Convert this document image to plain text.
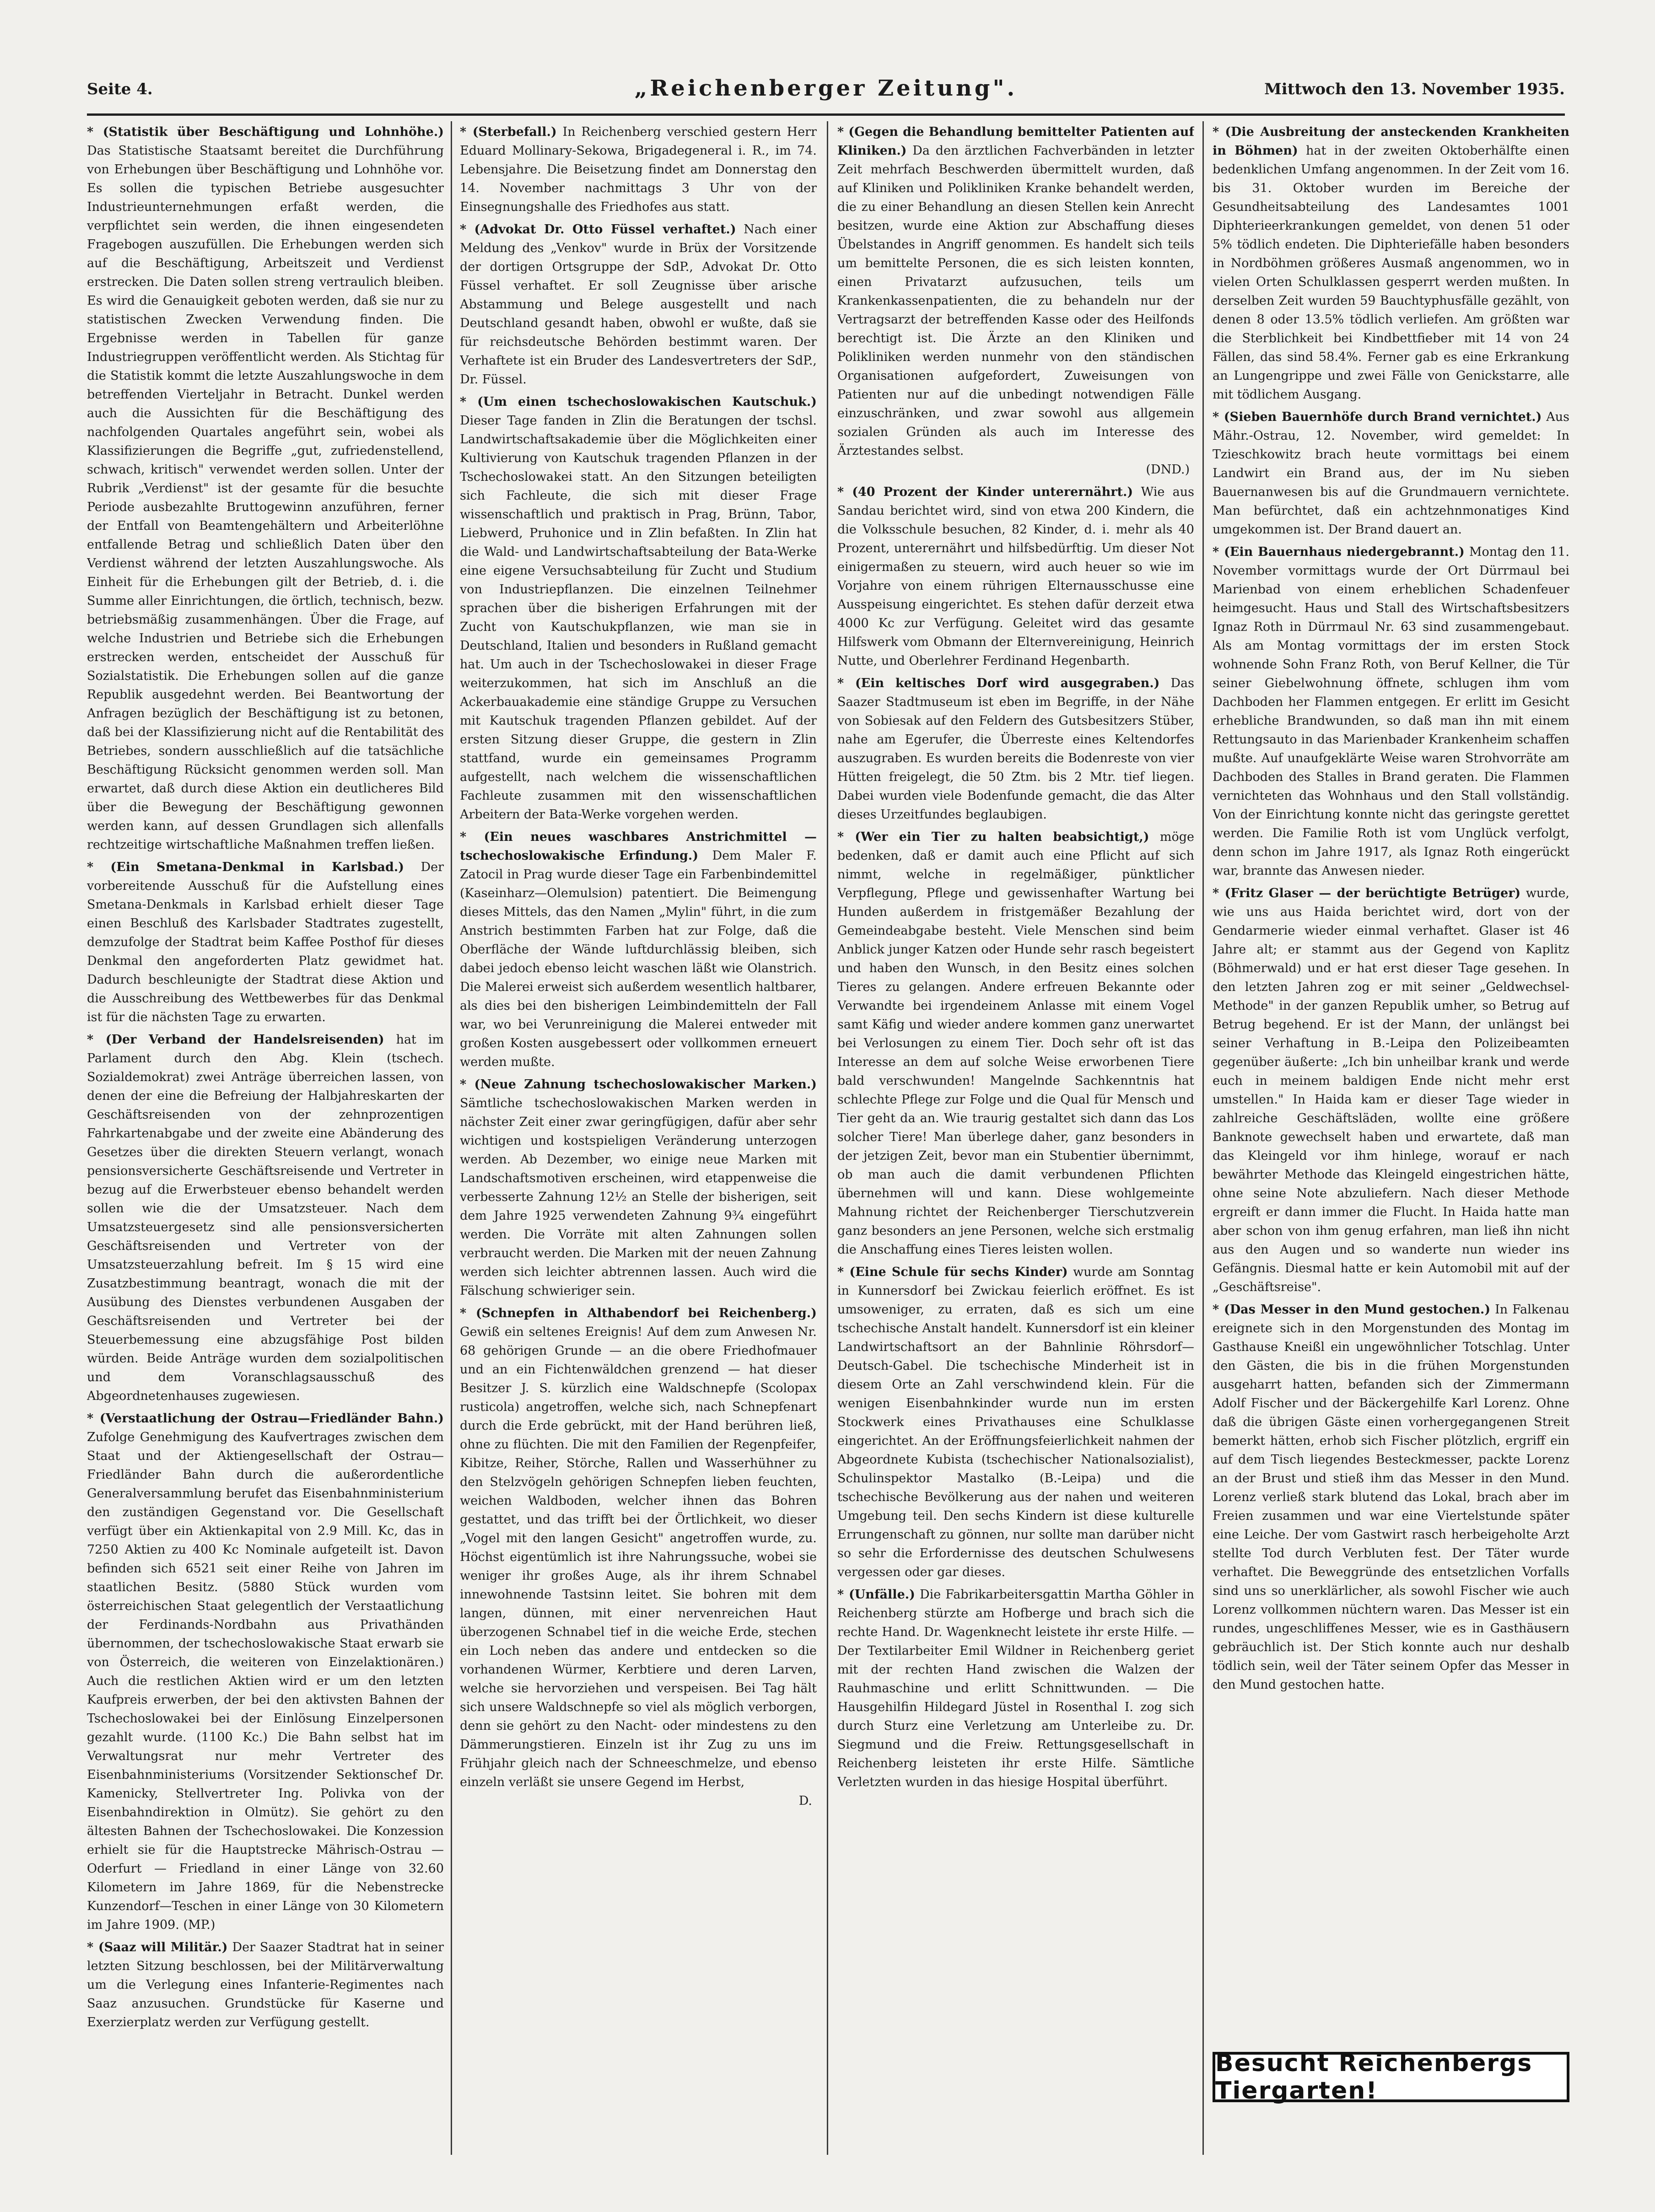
Seite 4.	„Reichenberger Zeitung".	Mittwoch den 13. November 1935.

* (Statistik über Beschäftigung und Lohnhöhe.) Das Statistische Staatsamt bereitet die Durchführung von Erhebungen über Beschäftigung und Lohnhöhe vor. Es sollen die typischen Betriebe ausgesuchter Industrieunternehmungen erfaßt werden, die verpflichtet sein werden, die ihnen eingesendeten Fragebogen auszufüllen. Die Erhebungen werden sich auf die Beschäftigung, Arbeitszeit und Verdienst erstrecken. Die Daten sollen streng vertraulich bleiben. Es wird die Genauigkeit geboten werden, daß sie nur zu statistischen Zwecken Verwendung finden. Die Ergebnisse werden in Tabellen für ganze Industriegruppen veröffentlicht werden. Als Stichtag für die Statistik kommt die letzte Auszahlungswoche in dem betreffenden Vierteljahr in Betracht. Dunkel werden auch die Aussichten für die Beschäftigung des nachfolgenden Quartales angeführt sein, wobei als Klassifizierungen die Begriffe „gut, zufriedenstellend, schwach, kritisch" verwendet werden sollen. Unter der Rubrik „Verdienst" ist der gesamte für die besuchte Periode ausbezahlte Bruttogewinn anzuführen, ferner der Entfall von Beamtengehältern und Arbeiterlöhne entfallende Betrag und schließlich Daten über den Verdienst während der letzten Auszahlungswoche. Als Einheit für die Erhebungen gilt der Betrieb, d. i. die Summe aller Einrichtungen, die örtlich, technisch, bezw. betriebsmäßig zusammenhängen. Über die Frage, auf welche Industrien und Betriebe sich die Erhebungen erstrecken werden, entscheidet der Ausschuß für Sozialstatistik. Die Erhebungen sollen auf die ganze Republik ausgedehnt werden. Bei Beantwortung der Anfragen bezüglich der Beschäftigung ist zu betonen, daß bei der Klassifizierung nicht auf die Rentabilität des Betriebes, sondern ausschließlich auf die tatsächliche Beschäftigung Rücksicht genommen werden soll. Man erwartet, daß durch diese Aktion ein deutlicheres Bild über die Bewegung der Beschäftigung gewonnen werden kann, auf dessen Grundlagen sich allenfalls rechtzeitige wirtschaftliche Maßnahmen treffen ließen.

* (Ein Smetana-Denkmal in Karlsbad.) Der vorbereitende Ausschuß für die Aufstellung eines Smetana-Denkmals in Karlsbad erhielt dieser Tage einen Beschluß des Karlsbader Stadtrates zugestellt, demzufolge der Stadtrat beim Kaffee Posthof für dieses Denkmal den angeforderten Platz gewidmet hat. Dadurch beschleunigte der Stadtrat diese Aktion und die Ausschreibung des Wettbewerbes für das Denkmal ist für die nächsten Tage zu erwarten.

* (Der Verband der Handelsreisenden) hat im Parlament durch den Abg. Klein (tschech. Sozialdemokrat) zwei Anträge überreichen lassen, von denen der eine die Befreiung der Halbjahreskarten der Geschäftsreisenden von der zehnprozentigen Fahrkartenabgabe und der zweite eine Abänderung des Gesetzes über die direkten Steuern verlangt, wonach pensionsversicherte Geschäftsreisende und Vertreter in bezug auf die Erwerbsteuer ebenso behandelt werden sollen wie die der Umsatzsteuer. Nach dem Umsatzsteuergesetz sind alle pensionsversicherten Geschäftsreisenden und Vertreter von der Umsatzsteuerzahlung befreit. Im § 15 wird eine Zusatzbestimmung beantragt, wonach die mit der Ausübung des Dienstes verbundenen Ausgaben der Geschäftsreisenden und Vertreter bei der Steuerbemessung eine abzugsfähige Post bilden würden. Beide Anträge wurden dem sozialpolitischen und dem Voranschlagsausschuß des Abgeordnetenhauses zugewiesen.

* (Verstaatlichung der Ostrau—Friedländer Bahn.) Zufolge Genehmigung des Kaufvertrages zwischen dem Staat und der Aktiengesellschaft der Ostrau—Friedländer Bahn durch die außerordentliche Generalversammlung berufet das Eisenbahnministerium den zuständigen Gegenstand vor. Die Gesellschaft verfügt über ein Aktienkapital von 2.9 Mill. Kc, das in 7250 Aktien zu 400 Kc Nominale aufgeteilt ist. Davon befinden sich 6521 seit einer Reihe von Jahren im staatlichen Besitz. (5880 Stück wurden vom österreichischen Staat gelegentlich der Verstaatlichung der Ferdinands-Nordbahn aus Privathänden übernommen, der tschechoslowakische Staat erwarb sie von Österreich, die weiteren von Einzelaktionären.) Auch die restlichen Aktien wird er um den letzten Kaufpreis erwerben, der bei den aktivsten Bahnen der Tschechoslowakei bei der Einlösung Einzelpersonen gezahlt wurde. (1100 Kc.) Die Bahn selbst hat im Verwaltungsrat nur mehr Vertreter des Eisenbahnministeriums (Vorsitzender Sektionschef Dr. Kamenicky, Stellvertreter Ing. Polivka von der Eisenbahndirektion in Olmütz). Sie gehört zu den ältesten Bahnen der Tschechoslowakei. Die Konzession erhielt sie für die Hauptstrecke Mährisch-Ostrau — Oderfurt — Friedland in einer Länge von 32.60 Kilometern im Jahre 1869, für die Nebenstrecke Kunzendorf—Teschen in einer Länge von 30 Kilometern im Jahre 1909. (MP.)

* (Saaz will Militär.) Der Saazer Stadtrat hat in seiner letzten Sitzung beschlossen, bei der Militärverwaltung um die Verlegung eines Infanterie-Regimentes nach Saaz anzusuchen. Grundstücke für Kaserne und Exerzierplatz werden zur Verfügung gestellt.

* (Sterbefall.) In Reichenberg verschied gestern Herr Eduard Mollinary-Sekowa, Brigadegeneral i. R., im 74. Lebensjahre. Die Beisetzung findet am Donnerstag den 14. November nachmittags 3 Uhr von der Einsegnungshalle des Friedhofes aus statt.

* (Advokat Dr. Otto Füssel verhaftet.) Nach einer Meldung des „Venkov" wurde in Brüx der Vorsitzende der dortigen Ortsgruppe der SdP., Advokat Dr. Otto Füssel verhaftet. Er soll Zeugnisse über arische Abstammung und Belege ausgestellt und nach Deutschland gesandt haben, obwohl er wußte, daß sie für reichsdeutsche Behörden bestimmt waren. Der Verhaftete ist ein Bruder des Landesvertreters der SdP., Dr. Füssel.

* (Um einen tschechoslowakischen Kautschuk.) Dieser Tage fanden in Zlin die Beratungen der tschsl. Landwirtschaftsakademie über die Möglichkeiten einer Kultivierung von Kautschuk tragenden Pflanzen in der Tschechoslowakei statt. An den Sitzungen beteiligten sich Fachleute, die sich mit dieser Frage wissenschaftlich und praktisch in Prag, Brünn, Tabor, Liebwerd, Pruhonice und in Zlin befaßten. In Zlin hat die Wald- und Landwirtschaftsabteilung der Bata-Werke eine eigene Versuchsabteilung für Zucht und Studium von Industriepflanzen. Die einzelnen Teilnehmer sprachen über die bisherigen Erfahrungen mit der Zucht von Kautschukpflanzen, wie man sie in Deutschland, Italien und besonders in Rußland gemacht hat. Um auch in der Tschechoslowakei in dieser Frage weiterzukommen, hat sich im Anschluß an die Ackerbauakademie eine ständige Gruppe zu Versuchen mit Kautschuk tragenden Pflanzen gebildet. Auf der ersten Sitzung dieser Gruppe, die gestern in Zlin stattfand, wurde ein gemeinsames Programm aufgestellt, nach welchem die wissenschaftlichen Fachleute zusammen mit den wissenschaftlichen Arbeitern der Bata-Werke vorgehen werden.

* (Ein neues waschbares Anstrichmittel — tschechoslowakische Erfindung.) Dem Maler F. Zatocil in Prag wurde dieser Tage ein Farbenbindemittel (Kaseinharz—Olemulsion) patentiert. Die Beimengung dieses Mittels, das den Namen „Mylin" führt, in die zum Anstrich bestimmten Farben hat zur Folge, daß die Oberfläche der Wände luftdurchlässig bleiben, sich dabei jedoch ebenso leicht waschen läßt wie Olanstrich. Die Malerei erweist sich außerdem wesentlich haltbarer, als dies bei den bisherigen Leimbindemitteln der Fall war, wo bei Verunreinigung die Malerei entweder mit großen Kosten ausgebessert oder vollkommen erneuert werden mußte.

* (Neue Zahnung tschechoslowakischer Marken.) Sämtliche tschechoslowakischen Marken werden in nächster Zeit einer zwar geringfügigen, dafür aber sehr wichtigen und kostspieligen Veränderung unterzogen werden. Ab Dezember, wo einige neue Marken mit Landschaftsmotiven erscheinen, wird etappenweise die verbesserte Zahnung 12½ an Stelle der bisherigen, seit dem Jahre 1925 verwendeten Zahnung 9¾ eingeführt werden. Die Vorräte mit alten Zahnungen sollen verbraucht werden. Die Marken mit der neuen Zahnung werden sich leichter abtrennen lassen. Auch wird die Fälschung schwieriger sein.

* (Schnepfen in Althabendorf bei Reichenberg.) Gewiß ein seltenes Ereignis! Auf dem zum Anwesen Nr. 68 gehörigen Grunde — an die obere Friedhofmauer und an ein Fichtenwäldchen grenzend — hat dieser Besitzer J. S. kürzlich eine Waldschnepfe (Scolopax rusticola) angetroffen, welche sich, nach Schnepfenart durch die Erde gebrückt, mit der Hand berühren ließ, ohne zu flüchten. Die mit den Familien der Regenpfeifer, Kibitze, Reiher, Störche, Rallen und Wasserhühner zu den Stelzvögeln gehörigen Schnepfen lieben feuchten, weichen Waldboden, welcher ihnen das Bohren gestattet, und das trifft bei der Örtlichkeit, wo dieser „Vogel mit den langen Gesicht" angetroffen wurde, zu. Höchst eigentümlich ist ihre Nahrungssuche, wobei sie weniger ihr großes Auge, als ihr ihrem Schnabel innewohnende Tastsinn leitet. Sie bohren mit dem langen, dünnen, mit einer nervenreichen Haut überzogenen Schnabel tief in die weiche Erde, stechen ein Loch neben das andere und entdecken so die vorhandenen Würmer, Kerbtiere und deren Larven, welche sie hervorziehen und verspeisen. Bei Tag hält sich unsere Waldschnepfe so viel als möglich verborgen, denn sie gehört zu den Nacht- oder mindestens zu den Dämmerungstieren. Einzeln ist ihr Zug zu uns im Frühjahr gleich nach der Schneeschmelze, und ebenso einzeln verläßt sie unsere Gegend im Herbst,

D.

* (Gegen die Behandlung bemittelter Patienten auf Kliniken.) Da den ärztlichen Fachverbänden in letzter Zeit mehrfach Beschwerden übermittelt wurden, daß auf Kliniken und Polikliniken Kranke behandelt werden, die zu einer Behandlung an diesen Stellen kein Anrecht besitzen, wurde eine Aktion zur Abschaffung dieses Übelstandes in Angriff genommen. Es handelt sich teils um bemittelte Personen, die es sich leisten konnten, einen Privatarzt aufzusuchen, teils um Krankenkassenpatienten, die zu behandeln nur der Vertragsarzt der betreffenden Kasse oder des Heilfonds berechtigt ist. Die Ärzte an den Kliniken und Polikliniken werden nunmehr von den ständischen Organisationen aufgefordert, Zuweisungen von Patienten nur auf die unbedingt notwendigen Fälle einzuschränken, und zwar sowohl aus allgemein sozialen Gründen als auch im Interesse des Ärztestandes selbst.

(DND.)

* (40 Prozent der Kinder unterernährt.) Wie aus Sandau berichtet wird, sind von etwa 200 Kindern, die die Volksschule besuchen, 82 Kinder, d. i. mehr als 40 Prozent, unterernährt und hilfsbedürftig. Um dieser Not einigermaßen zu steuern, wird auch heuer so wie im Vorjahre von einem rührigen Elternausschusse eine Ausspeisung eingerichtet. Es stehen dafür derzeit etwa 4000 Kc zur Verfügung. Geleitet wird das gesamte Hilfswerk vom Obmann der Elternvereinigung, Heinrich Nutte, und Oberlehrer Ferdinand Hegenbarth.

* (Ein keltisches Dorf wird ausgegraben.) Das Saazer Stadtmuseum ist eben im Begriffe, in der Nähe von Sobiesak auf den Feldern des Gutsbesitzers Stüber, nahe am Egerufer, die Überreste eines Keltendorfes auszugraben. Es wurden bereits die Bodenreste von vier Hütten freigelegt, die 50 Ztm. bis 2 Mtr. tief liegen. Dabei wurden viele Bodenfunde gemacht, die das Alter dieses Urzeitfundes beglaubigen.

* (Wer ein Tier zu halten beabsichtigt,) möge bedenken, daß er damit auch eine Pflicht auf sich nimmt, welche in regelmäßiger, pünktlicher Verpflegung, Pflege und gewissenhafter Wartung bei Hunden außerdem in fristgemäßer Bezahlung der Gemeindeabgabe besteht. Viele Menschen sind beim Anblick junger Katzen oder Hunde sehr rasch begeistert und haben den Wunsch, in den Besitz eines solchen Tieres zu gelangen. Andere erfreuen Bekannte oder Verwandte bei irgendeinem Anlasse mit einem Vogel samt Käfig und wieder andere kommen ganz unerwartet bei Verlosungen zu einem Tier. Doch sehr oft ist das Interesse an dem auf solche Weise erworbenen Tiere bald verschwunden! Mangelnde Sachkenntnis hat schlechte Pflege zur Folge und die Qual für Mensch und Tier geht da an. Wie traurig gestaltet sich dann das Los solcher Tiere! Man überlege daher, ganz besonders in der jetzigen Zeit, bevor man ein Stubentier übernimmt, ob man auch die damit verbundenen Pflichten übernehmen will und kann. Diese wohlgemeinte Mahnung richtet der Reichenberger Tierschutzverein ganz besonders an jene Personen, welche sich erstmalig die Anschaffung eines Tieres leisten wollen.

* (Eine Schule für sechs Kinder) wurde am Sonntag in Kunnersdorf bei Zwickau feierlich eröffnet. Es ist umsoweniger, zu erraten, daß es sich um eine tschechische Anstalt handelt. Kunnersdorf ist ein kleiner Landwirtschaftsort an der Bahnlinie Röhrsdorf—Deutsch-Gabel. Die tschechische Minderheit ist in diesem Orte an Zahl verschwindend klein. Für die wenigen Eisenbahnkinder wurde nun im ersten Stockwerk eines Privathauses eine Schulklasse eingerichtet. An der Eröffnungsfeierlichkeit nahmen der Abgeordnete Kubista (tschechischer Nationalsozialist), Schulinspektor Mastalko (B.-Leipa) und die tschechische Bevölkerung aus der nahen und weiteren Umgebung teil. Den sechs Kindern ist diese kulturelle Errungenschaft zu gönnen, nur sollte man darüber nicht so sehr die Erfordernisse des deutschen Schulwesens vergessen oder gar dieses.

* (Unfälle.) Die Fabrikarbeitersgattin Martha Göhler in Reichenberg stürzte am Hofberge und brach sich die rechte Hand. Dr. Wagenknecht leistete ihr erste Hilfe. — Der Textilarbeiter Emil Wildner in Reichenberg geriet mit der rechten Hand zwischen die Walzen der Rauhmaschine und erlitt Schnittwunden. — Die Hausgehilfin Hildegard Jüstel in Rosenthal I. zog sich durch Sturz eine Verletzung am Unterleibe zu. Dr. Siegmund und die Freiw. Rettungsgesellschaft in Reichenberg leisteten ihr erste Hilfe. Sämtliche Verletzten wurden in das hiesige Hospital überführt.

* (Die Ausbreitung der ansteckenden Krankheiten in Böhmen) hat in der zweiten Oktoberhälfte einen bedenklichen Umfang angenommen. In der Zeit vom 16. bis 31. Oktober wurden im Bereiche der Gesundheitsabteilung des Landesamtes 1001 Diphterieerkrankungen gemeldet, von denen 51 oder 5% tödlich endeten. Die Diphteriefälle haben besonders in Nordböhmen größeres Ausmaß angenommen, wo in vielen Orten Schulklassen gesperrt werden mußten. In derselben Zeit wurden 59 Bauchtyphusfälle gezählt, von denen 8 oder 13.5% tödlich verliefen. Am größten war die Sterblichkeit bei Kindbettfieber mit 14 von 24 Fällen, das sind 58.4%. Ferner gab es eine Erkrankung an Lungengrippe und zwei Fälle von Genickstarre, alle mit tödlichem Ausgang.

* (Sieben Bauernhöfe durch Brand vernichtet.) Aus Mähr.-Ostrau, 12. November, wird gemeldet: In Tzieschkowitz brach heute vormittags bei einem Landwirt ein Brand aus, der im Nu sieben Bauernanwesen bis auf die Grundmauern vernichtete. Man befürchtet, daß ein achtzehnmonatiges Kind umgekommen ist. Der Brand dauert an.

* (Ein Bauernhaus niedergebrannt.) Montag den 11. November vormittags wurde der Ort Dürrmaul bei Marienbad von einem erheblichen Schadenfeuer heimgesucht. Haus und Stall des Wirtschaftsbesitzers Ignaz Roth in Dürrmaul Nr. 63 sind zusammengebaut. Als am Montag vormittags der im ersten Stock wohnende Sohn Franz Roth, von Beruf Kellner, die Tür seiner Giebelwohnung öffnete, schlugen ihm vom Dachboden her Flammen entgegen. Er erlitt im Gesicht erhebliche Brandwunden, so daß man ihn mit einem Rettungsauto in das Marienbader Krankenheim schaffen mußte. Auf unaufgeklärte Weise waren Strohvorräte am Dachboden des Stalles in Brand geraten. Die Flammen vernichteten das Wohnhaus und den Stall vollständig. Von der Einrichtung konnte nicht das geringste gerettet werden. Die Familie Roth ist vom Unglück verfolgt, denn schon im Jahre 1917, als Ignaz Roth eingerückt war, brannte das Anwesen nieder.

* (Fritz Glaser — der berüchtigte Betrüger) wurde, wie uns aus Haida berichtet wird, dort von der Gendarmerie wieder einmal verhaftet. Glaser ist 46 Jahre alt; er stammt aus der Gegend von Kaplitz (Böhmerwald) und er hat erst dieser Tage gesehen. In den letzten Jahren zog er mit seiner „Geldwechsel-Methode" in der ganzen Republik umher, so Betrug auf Betrug begehend. Er ist der Mann, der unlängst bei seiner Verhaftung in B.-Leipa den Polizeibeamten gegenüber äußerte: „Ich bin unheilbar krank und werde euch in meinem baldigen Ende nicht mehr erst umstellen." In Haida kam er dieser Tage wieder in zahlreiche Geschäftsläden, wollte eine größere Banknote gewechselt haben und erwartete, daß man das Kleingeld vor ihm hinlege, worauf er nach bewährter Methode das Kleingeld eingestrichen hätte, ohne seine Note abzuliefern. Nach dieser Methode ergreift er dann immer die Flucht. In Haida hatte man aber schon von ihm genug erfahren, man ließ ihn nicht aus den Augen und so wanderte nun wieder ins Gefängnis. Diesmal hatte er kein Automobil mit auf der „Geschäftsreise".

* (Das Messer in den Mund gestochen.) In Falkenau ereignete sich in den Morgenstunden des Montag im Gasthause Kneißl ein ungewöhnlicher Totschlag. Unter den Gästen, die bis in die frühen Morgenstunden ausgeharrt hatten, befanden sich der Zimmermann Adolf Fischer und der Bäckergehilfe Karl Lorenz. Ohne daß die übrigen Gäste einen vorhergegangenen Streit bemerkt hätten, erhob sich Fischer plötzlich, ergriff ein auf dem Tisch liegendes Besteckmesser, packte Lorenz an der Brust und stieß ihm das Messer in den Mund. Lorenz verließ stark blutend das Lokal, brach aber im Freien zusammen und war eine Viertelstunde später eine Leiche. Der vom Gastwirt rasch herbeigeholte Arzt stellte Tod durch Verbluten fest. Der Täter wurde verhaftet. Die Beweggründe des entsetzlichen Vorfalls sind uns so unerklärlicher, als sowohl Fischer wie auch Lorenz vollkommen nüchtern waren. Das Messer ist ein rundes, ungeschliffenes Messer, wie es in Gasthäusern gebräuchlich ist. Der Stich konnte auch nur deshalb tödlich sein, weil der Täter seinem Opfer das Messer in den Mund gestochen hatte.

Besucht Reichenbergs Tiergarten!
